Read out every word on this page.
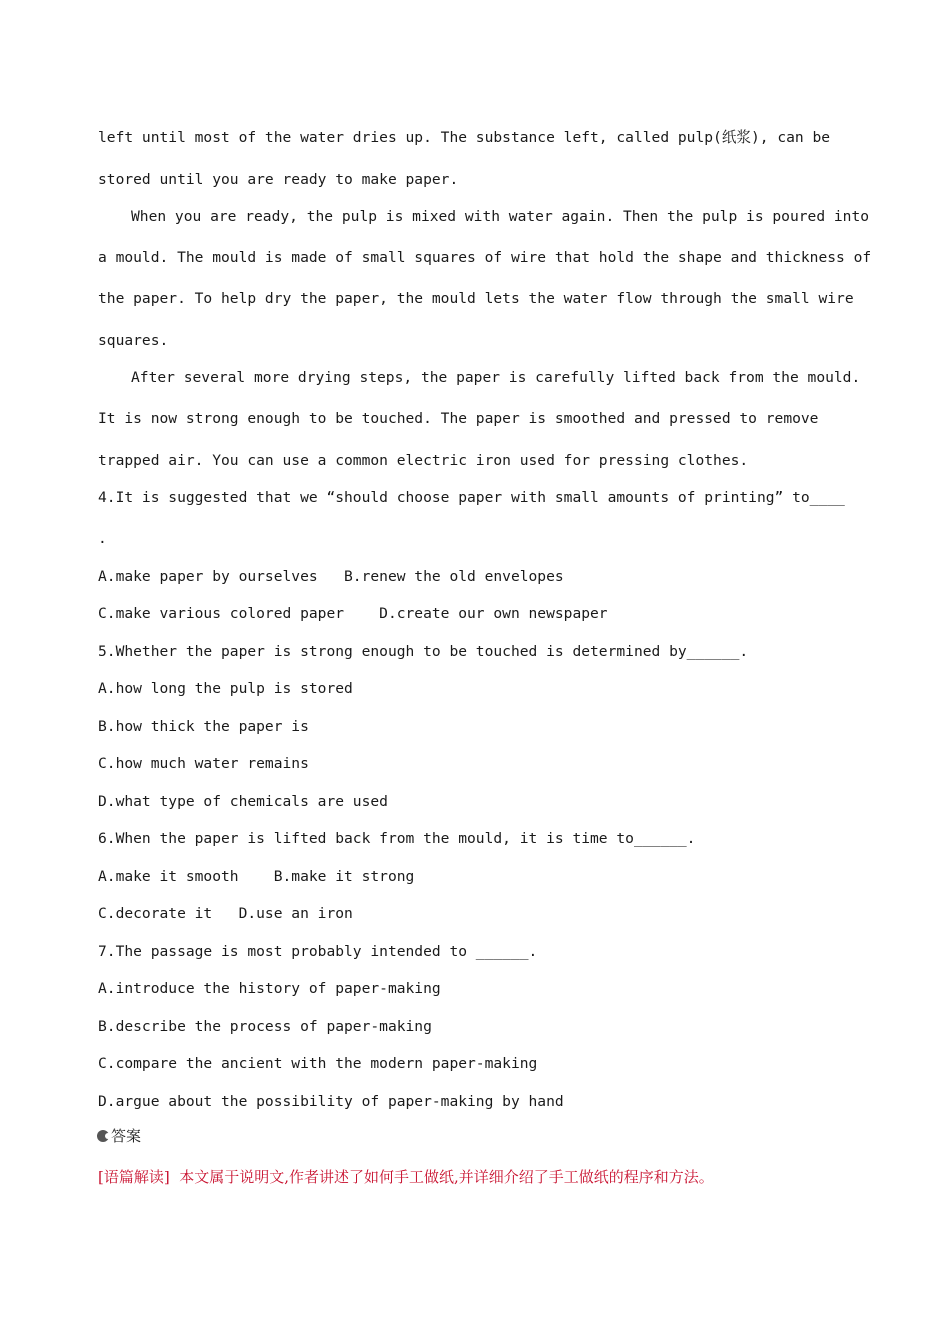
left until most of the water dries up. The substance left, called pulp(纸浆), can be
stored until you are ready to make paper.
When you are ready, the pulp is mixed with water again. Then the pulp is poured into
a mould. The mould is made of small squares of wire that hold the shape and thickness of
the paper. To help dry the paper, the mould lets the water flow through the small wire
squares.
After several more drying steps, the paper is carefully lifted back from the mould.
It is now strong enough to be touched. The paper is smoothed and pressed to remove
trapped air. You can use a common electric iron used for pressing clothes.
4.It is suggested that we “should choose paper with small amounts of printing” to____
.
A.make paper by ourselves   B.renew the old envelopes
C.make various colored paper    D.create our own newspaper
5.Whether the paper is strong enough to be touched is determined by______.
A.how long the pulp is stored
B.how thick the paper is
C.how much water remains
D.what type of chemicals are used
6.When the paper is lifted back from the mould, it is time to______.
A.make it smooth    B.make it strong
C.decorate it   D.use an iron
7.The passage is most probably intended to ______.
A.introduce the history of paper-making
B.describe the process of paper-making
C.compare the ancient with the modern paper-making
D.argue about the possibility of paper-making by hand
答案
[语篇解读]  本文属于说明文,作者讲述了如何手工做纸,并详细介绍了手工做纸的程序和方法。
